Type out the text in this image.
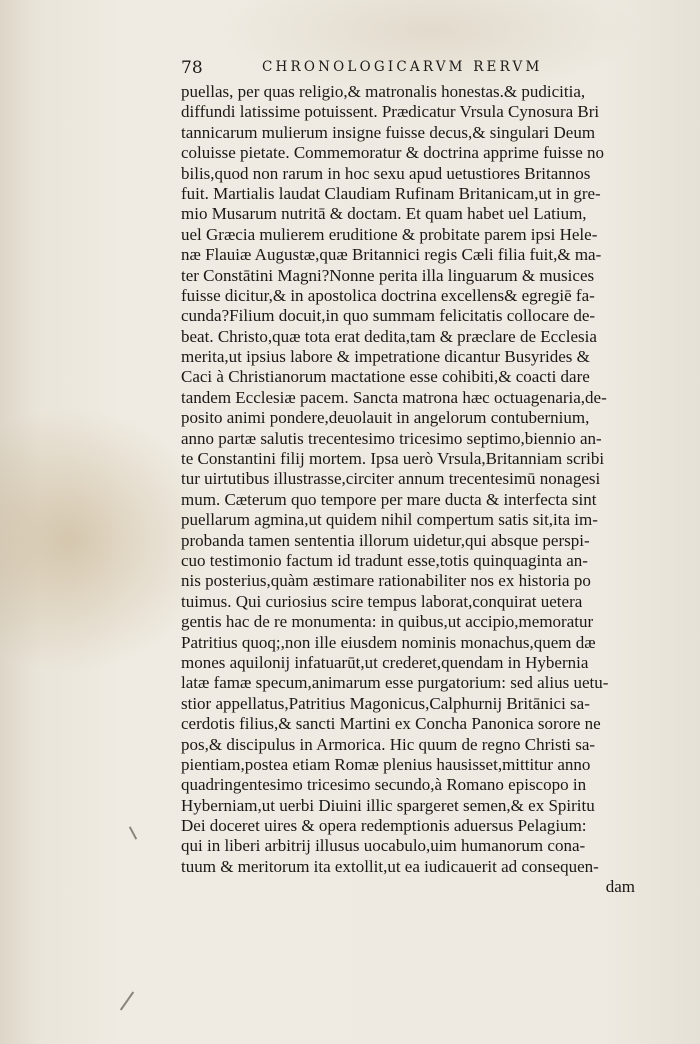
78	CHRONOLOGICARVM RERVM
puellas, per quas religio,& matronalis honestas.& pudicitia,
diffundi latissime potuissent. Prædicatur Vrsula Cynosura Bri
tannicarum mulierum insigne fuisse decus,& singulari Deum
coluisse pietate. Commemoratur & doctrina apprime fuisse no
bilis,quod non rarum in hoc sexu apud uetustiores Britannos
fuit. Martialis laudat Claudiam Rufinam Britanicam,ut in gre-
mio Musarum nutritā & doctam. Et quam habet uel Latium,
uel Græcia mulierem eruditione & probitate parem ipsi Hele-
næ Flauiæ Augustæ,quæ Britannici regis Cæli filia fuit,& ma-
ter Constātini Magni?Nonne perita illa linguarum & musices
fuisse dicitur,& in apostolica doctrina excellens& egregiē fa-
cunda?Filium docuit,in quo summam felicitatis collocare de-
beat. Christo,quæ tota erat dedita,tam & præclare de Ecclesia
merita,ut ipsius labore & impetratione dicantur Busyrides &
Caci à Christianorum mactatione esse cohibiti,& coacti dare
tandem Ecclesiæ pacem. Sancta matrona hæc octuagenaria,de-
posito animi pondere,deuolauit in angelorum contubernium,
anno partæ salutis trecentesimo tricesimo septimo,biennio an-
te Constantini filij mortem. Ipsa uerò Vrsula,Britanniam scribi
tur uirtutibus illustrasse,circiter annum trecentesimū nonagesi
mum. Cæterum quo tempore per mare ducta & interfecta sint
puellarum agmina,ut quidem nihil compertum satis sit,ita im-
probanda tamen sententia illorum uidetur,qui absque perspi-
cuo testimonio factum id tradunt esse,totis quinquaginta an-
nis posterius,quàm æstimare rationabiliter nos ex historia po
tuimus. Qui curiosius scire tempus laborat,conquirat uetera
gentis hac de re monumenta: in quibus,ut accipio,memoratur
Patritius quoq;,non ille eiusdem nominis monachus,quem dæ
mones aquilonij infatuarūt,ut crederet,quendam in Hybernia
latæ famæ specum,animarum esse purgatorium: sed alius uetu-
stior appellatus,Patritius Magonicus,Calphurnij Britānici sa-
cerdotis filius,& sancti Martini ex Concha Panonica sorore ne
pos,& discipulus in Armorica. Hic quum de regno Christi sa-
pientiam,postea etiam Romæ plenius hausisset,mittitur anno
quadringentesimo tricesimo secundo,à Romano episcopo in
Hyberniam,ut uerbi Diuini illic spargeret semen,& ex Spiritu
Dei doceret uires & opera redemptionis aduersus Pelagium:
qui in liberi arbitrij illusus uocabulo,uim humanorum cona-
tuum & meritorum ita extollit,ut ea iudicauerit ad consequen-
dam
